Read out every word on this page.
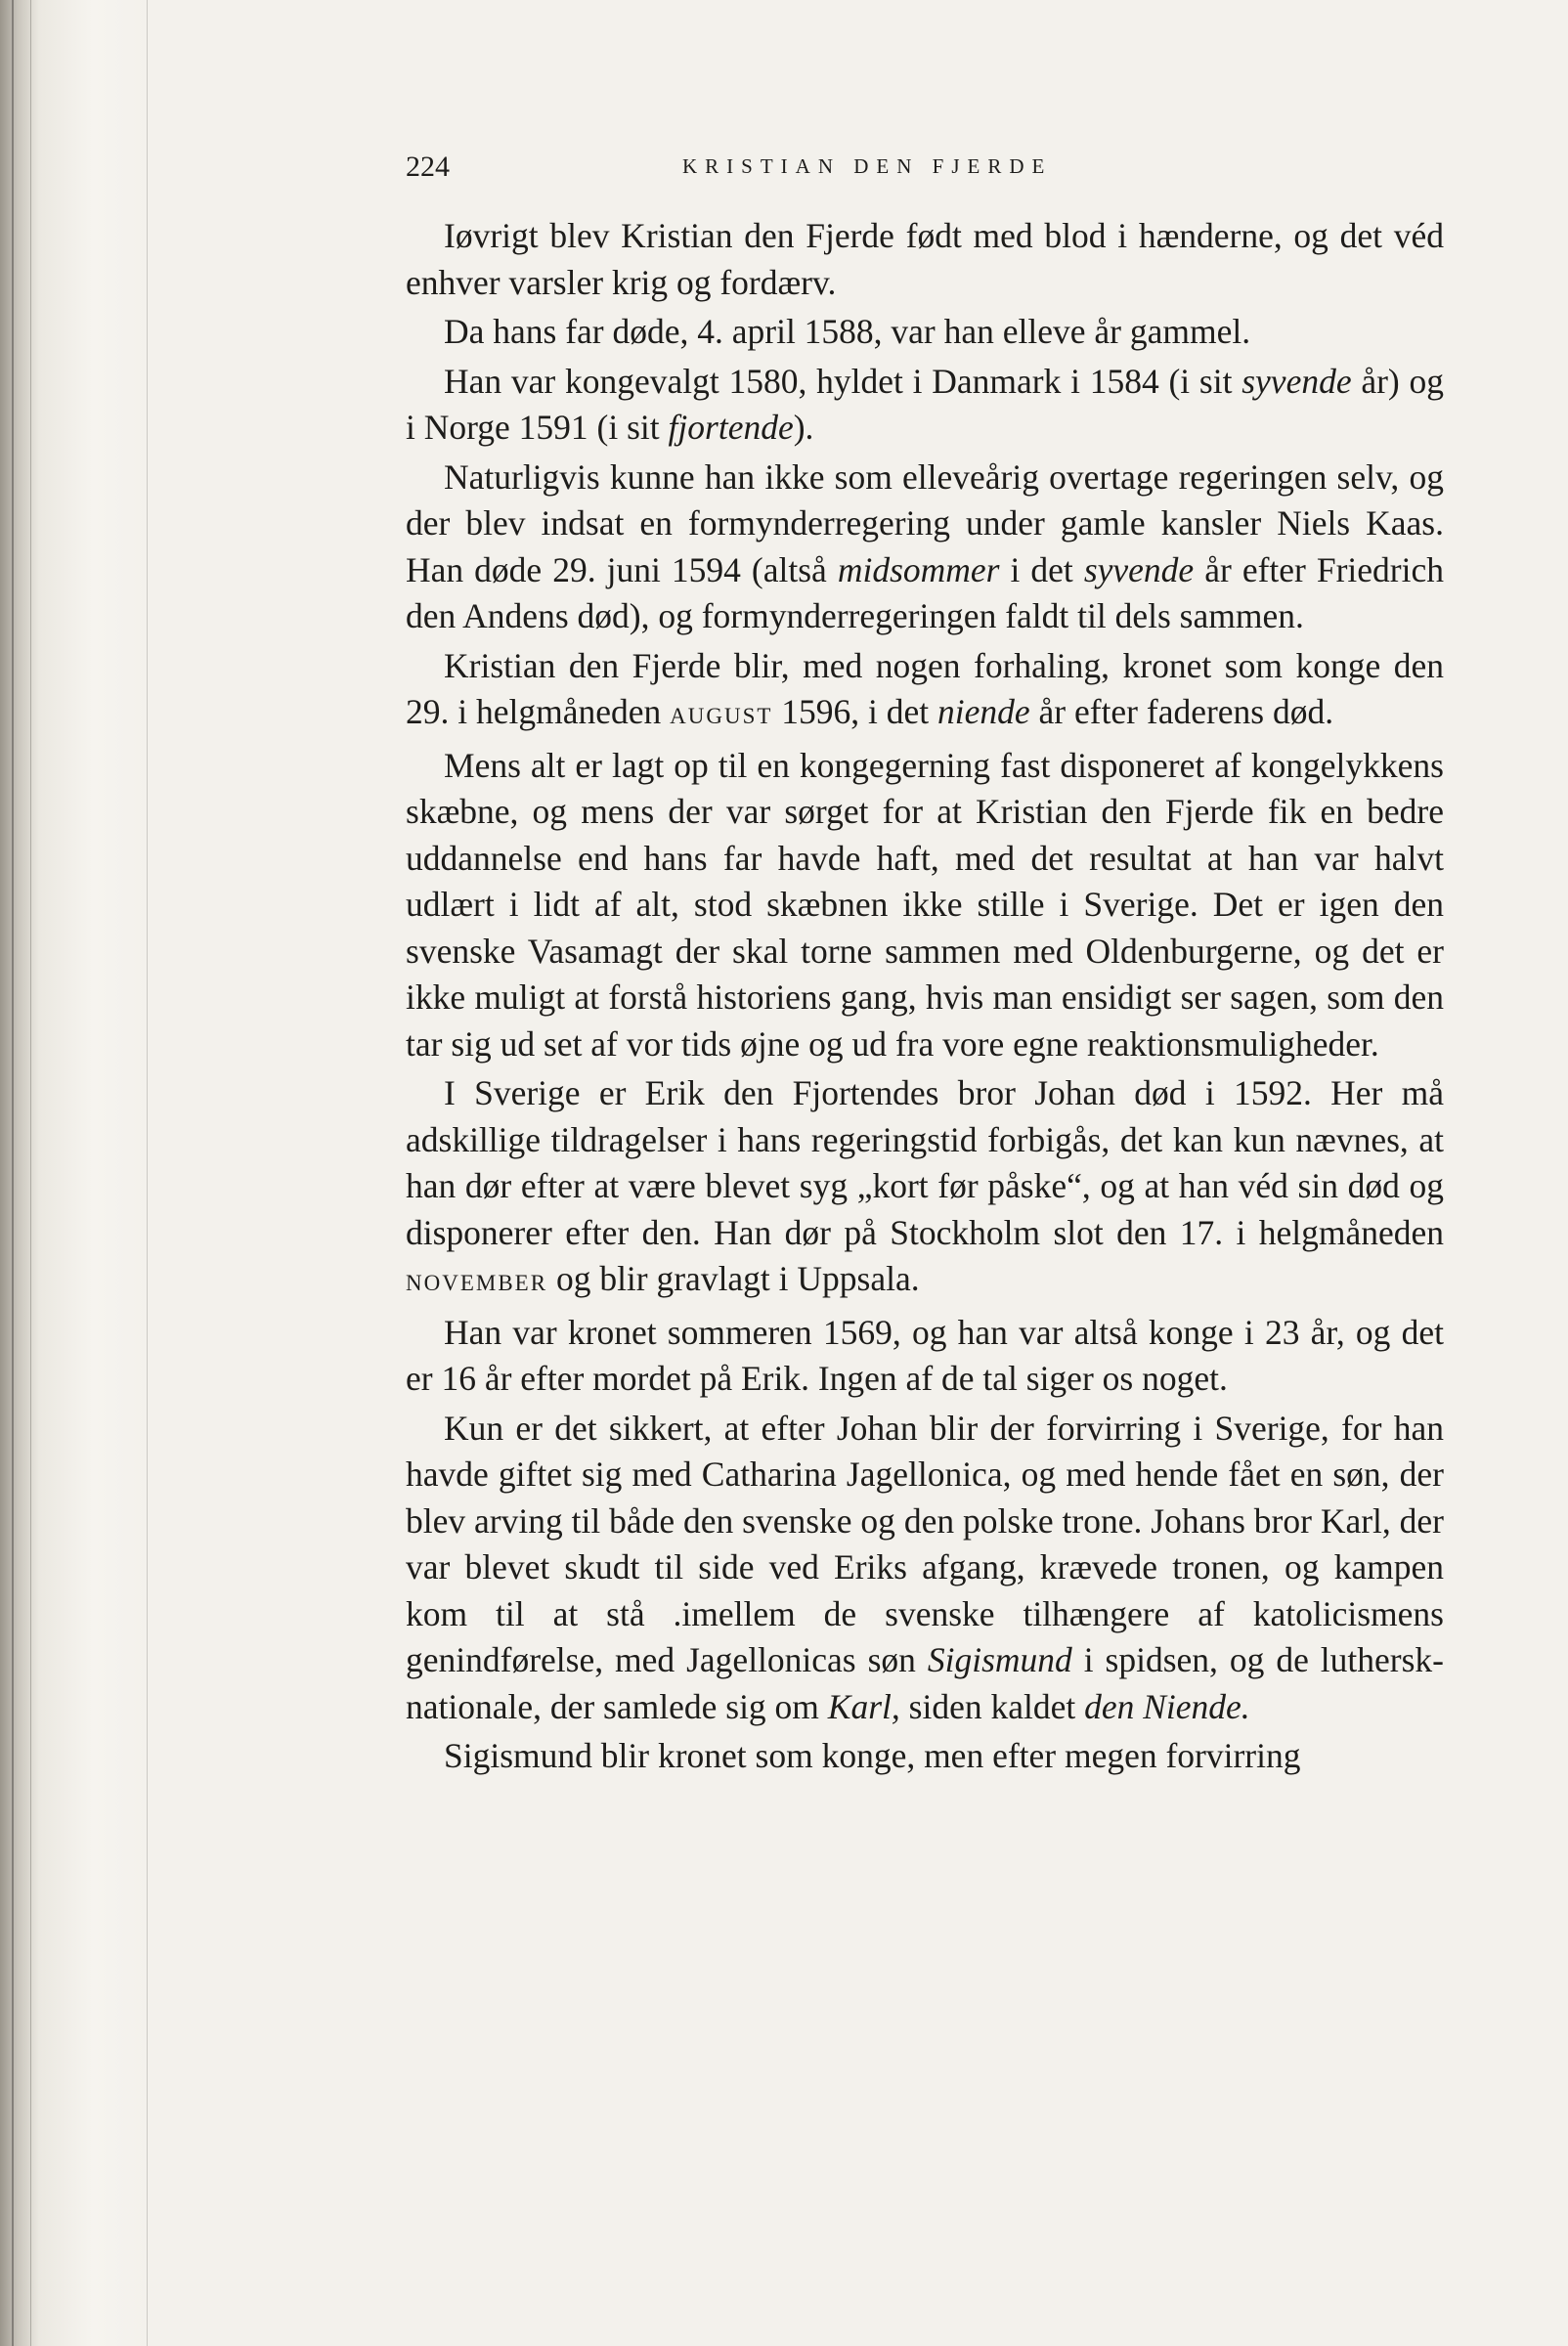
224	KRISTIAN DEN FJERDE

Iøvrigt blev Kristian den Fjerde født med blod i hænderne, og det véd enhver varsler krig og fordærv.

Da hans far døde, 4. april 1588, var han elleve år gammel.

Han var kongevalgt 1580, hyldet i Danmark i 1584 (i sit syvende år) og i Norge 1591 (i sit fjortende).

Naturligvis kunne han ikke som elleveårig overtage regeringen selv, og der blev indsat en formynderregering under gamle kansler Niels Kaas. Han døde 29. juni 1594 (altså midsommer i det syvende år efter Friedrich den Andens død), og formynderregeringen faldt til dels sammen.

Kristian den Fjerde blir, med nogen forhaling, kronet som konge den 29. i helgmåneden AUGUST 1596, i det niende år efter faderens død.

Mens alt er lagt op til en kongegerning fast disponeret af kongelykkens skæbne, og mens der var sørget for at Kristian den Fjerde fik en bedre uddannelse end hans far havde haft, med det resultat at han var halvt udlært i lidt af alt, stod skæbnen ikke stille i Sverige. Det er igen den svenske Vasamagt der skal torne sammen med Oldenburgerne, og det er ikke muligt at forstå historiens gang, hvis man ensidigt ser sagen, som den tar sig ud set af vor tids øjne og ud fra vore egne reaktionsmuligheder.

I Sverige er Erik den Fjortendes bror Johan død i 1592. Her må adskillige tildragelser i hans regeringstid forbigås, det kan kun nævnes, at han dør efter at være blevet syg „kort før påske“, og at han véd sin død og disponerer efter den. Han dør på Stockholm slot den 17. i helgmåneden NOVEMBER og blir gravlagt i Uppsala.

Han var kronet sommeren 1569, og han var altså konge i 23 år, og det er 16 år efter mordet på Erik. Ingen af de tal siger os noget.

Kun er det sikkert, at efter Johan blir der forvirring i Sverige, for han havde giftet sig med Catharina Jagellonica, og med hende fået en søn, der blev arving til både den svenske og den polske trone. Johans bror Karl, der var blevet skudt til side ved Eriks afgang, krævede tronen, og kampen kom til at stå .imellem de svenske tilhængere af katolicismens genindførelse, med Jagellonicas søn Sigismund i spidsen, og de luthersk-nationale, der samlede sig om Karl, siden kaldet den Niende.

Sigismund blir kronet som konge, men efter megen forvirring
